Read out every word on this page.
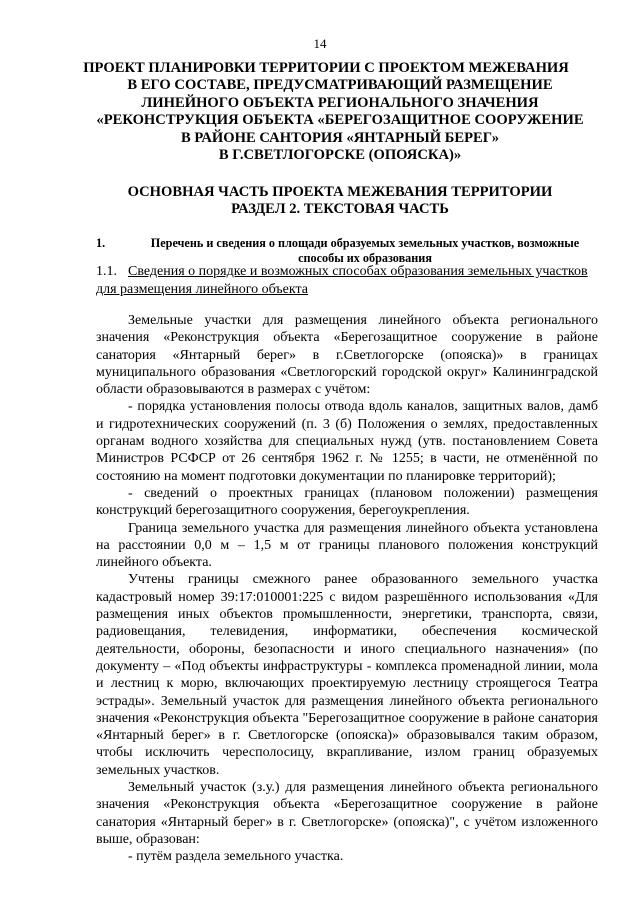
14
ПРОЕКТ ПЛАНИРОВКИ ТЕРРИТОРИИ С ПРОЕКТОМ МЕЖЕВАНИЯ
В ЕГО СОСТАВЕ, ПРЕДУСМАТРИВАЮЩИЙ РАЗМЕЩЕНИЕ
ЛИНЕЙНОГО ОБЪЕКТА РЕГИОНАЛЬНОГО ЗНАЧЕНИЯ
«РЕКОНСТРУКЦИЯ ОБЪЕКТА «БЕРЕГОЗАЩИТНОЕ СООРУЖЕНИЕ
В РАЙОНЕ САНТОРИЯ «ЯНТАРНЫЙ БЕРЕГ»
В Г.СВЕТЛОГОРСКЕ (ОПОЯСКА)»
ОСНОВНАЯ ЧАСТЬ ПРОЕКТА МЕЖЕВАНИЯ ТЕРРИТОРИИ
РАЗДЕЛ 2. ТЕКСТОВАЯ ЧАСТЬ
1.	Перечень и сведения о площади образуемых земельных участков, возможные способы их образования
1.1. Сведения о порядке и возможных способах образования земельных участков для размещения линейного объекта

Земельные участки для размещения линейного объекта регионального значения «Реконструкция объекта «Берегозащитное сооружение в районе санатория «Янтарный берег» в г.Светлогорске (опояска)» в границах муниципального образования «Светлогорский городской округ» Калининградской области образовываются в размерах с учётом:

- порядка установления полосы отвода вдоль каналов, защитных валов, дамб и гидротехнических сооружений (п. 3 (б) Положения о землях, предоставленных органам водного хозяйства для специальных нужд (утв. постановлением Совета Министров РСФСР от 26 сентября 1962 г. № 1255; в части, не отменённой по состоянию на момент подготовки документации по планировке территорий);

- сведений о проектных границах (плановом положении) размещения конструкций берегозащитного сооружения, берегоукрепления.

Граница земельного участка для размещения линейного объекта установлена на расстоянии 0,0 м – 1,5 м от границы планового положения конструкций линейного объекта.

Учтены границы смежного ранее образованного земельного участка кадастровый номер 39:17:010001:225 с видом разрешённого использования «Для размещения иных объектов промышленности, энергетики, транспорта, связи, радиовещания, телевидения, информатики, обеспечения космической деятельности, обороны, безопасности и иного специального назначения» (по документу – «Под объекты инфраструктуры - комплекса променадной линии, мола и лестниц к морю, включающих проектируемую лестницу строящегося Театра эстрады». Земельный участок для размещения линейного объекта регионального значения «Реконструкция объекта "Берегозащитное сооружение в районе санатория «Янтарный берег» в г. Светлогорске (опояска)» образовывался таким образом, чтобы исключить чересполосицу, вкрапливание, излом границ образуемых земельных участков.

Земельный участок (з.у.) для размещения линейного объекта регионального значения «Реконструкция объекта «Берегозащитное сооружение в районе санатория «Янтарный берег» в г. Светлогорске» (опояска)", с учётом изложенного выше, образован:

- путём раздела земельного участка.
